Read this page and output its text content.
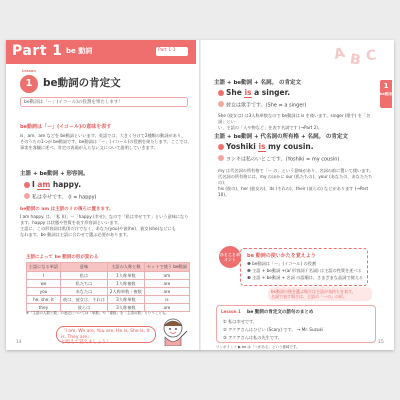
Part 1 be 動詞	Part 1-1
Lesson
1	be動詞の肯定文
be動詞は「ー」(イコール)の役割を果たします！
be動詞は「ー」(イコール)の意味を表す
is、am、are などを be動詞といいます。英語では、大きく分けて2種類の動詞があり、
そのうちの1つが be動詞です。be動詞は「ー」(イコール)の役割を果たします。ここでは、
事実を客観に述べ、肯定の表現が入らない文について説明していきます。
主語 + be動詞 + 形容詞。
I am happy.
私は幸せです。 (I = happy)
be動詞の am は主語の I の後ろに置きます。
I am happy. は、「私 (I)」ー「happy (幸せ)」なので「私は幸せです」という意味になり
ます。happy は状態や性質を表す形容詞といいます。
主語に、この形容詞は私(I)だけでなく、あなた(you)や彼(he)、彼女(she)などにも
なれます。be 動詞は主語に合わせて選ぶ必要があります。
主語によって be 動詞の形が変わる
主語になる単語	意味	主語の人称と数	セットで使う be動詞
I	私は	1人称単数	am
we	私たちは	1人称複数	are
you	あなたは	2人称単数・複数	are
he, she, it	彼は、彼女は、それは	3人称単数	is
they	彼らは	3人称複数	are
※「主語の人数と数」の表記については「単数」や「複数」を「主語の数」ということも。
「I am, We are, You are, He is, She is, It is, They are」
と唱えて覚えましょう！
14
A B C
1
be動詞
主語 + be動詞 + 名詞。 の肯定文
She is a singer.
彼女は歌手です。(She = a singer)
She (彼女は) は3人称単数なので be動詞は is を使います。singer (歌手) を「名詞」とい
い、主語の「人や物など」を表す名詞です (→Part 2)。
主語 + be動詞 + 代名詞の所有格 + 名詞。 の肯定文
Yoshiki is my cousin.
ヨシキは私のいとこです。(Yoshiki = my cousin)
my は代名詞の所有格で「ー の」という意味があり、名詞の前に置いて使います。
代名詞の所有格には、my のほかに our (私たちの)、your (あなたの、あなたたちの)、
his (彼の)、her (彼女の)、its (それの)、their (彼らの) などがあります (→Part 10)。
ひとことポイント
be 動詞の使いかたを覚えよう
❶ be動詞は「ー」(イコール) の役割
❷ 主語 + be動詞 +(a/ 形容詞 / 名詞) は主語の性質を述べる
❸ 主語 + be動詞 + 名詞 の語順は、さまざまな品詞で使える
be動詞の後を選ぶ場合は主語が気持ちを表す。
名詞で表す場合は、主語の「ーの」の形。
Lesson 1 be 動詞の肯定文の語句のまとめ
① 私は幸せです。
② アクアさんはひどい (Scary) です。 → Mr. Suzuki
③ アクアさんは私の先生です。
ワンポイント ▶ be は「～がある」という意味です。
15
